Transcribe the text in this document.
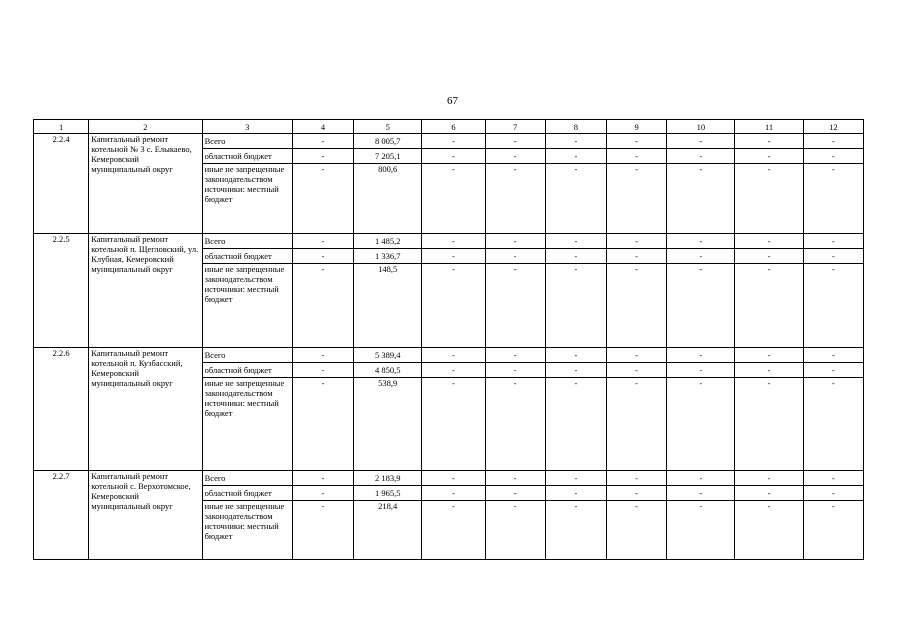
67
1	2	3	4	5	6	7	8	9	10	11	12
2.2.4	Капитальный ремонт котельной № 3 с. Елыкаево, Кемеровский муниципальный округ	Всего	-	8 005,7	-	-	-	-	-	-	-
		областной бюджет	-	7 205,1	-	-	-	-	-	-	-
		иные не запрещенные законодательством источники: местный бюджет	-	800,6	-	-	-	-	-	-	-
2.2.5	Капитальный ремонт котельной п. Щегловский, ул. Клубная, Кемеровский муниципальный округ	Всего	-	1 485,2	-	-	-	-	-	-	-
		областной бюджет	-	1 336,7	-	-	-	-	-	-	-
		иные не запрещенные законодательством источники: местный бюджет	-	148,5	-	-	-	-	-	-	-
2.2.6	Капитальный ремонт котельной п. Кузбасский, Кемеровский муниципальный округ	Всего	-	5 389,4	-	-	-	-	-	-	-
		областной бюджет	-	4 850,5	-	-	-	-	-	-	-
		иные не запрещенные законодательством источники: местный бюджет	-	538,9	-	-	-	-	-	-	-
2.2.7	Капитальный ремонт котельной с. Верхотомское, Кемеровский муниципальный округ	Всего	-	2 183,9	-	-	-	-	-	-	-
		областной бюджет	-	1 965,5	-	-	-	-	-	-	-
		иные не запрещенные законодательством источники: местный бюджет	-	218,4	-	-	-	-	-	-	-
